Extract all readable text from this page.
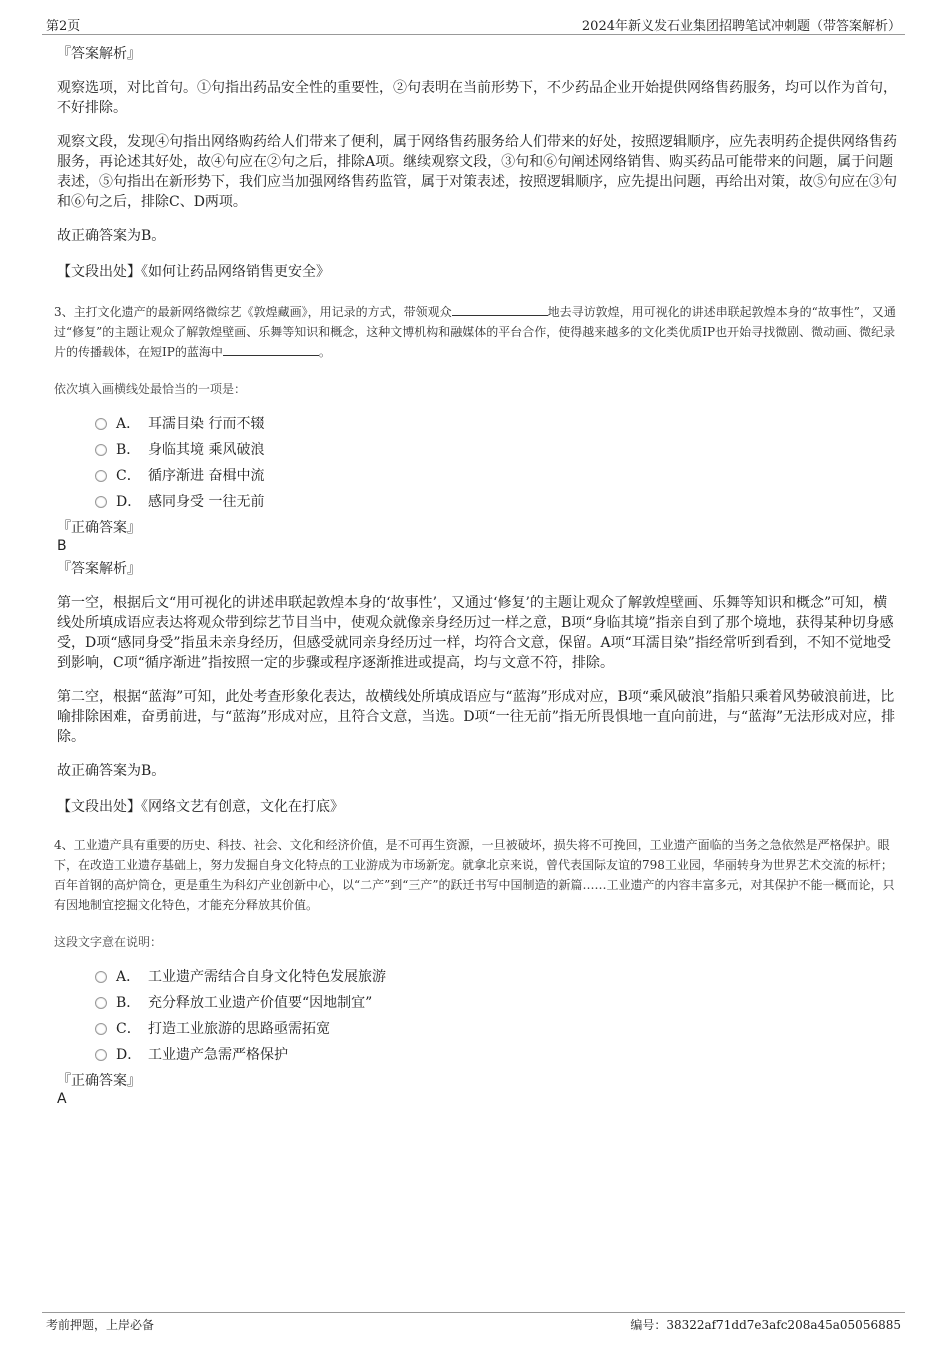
第2页	2024年新义发石业集团招聘笔试冲刺题（带答案解析）

『答案解析』

观察选项，对比首句。①句指出药品安全性的重要性，②句表明在当前形势下，不少药品企业开始提供网络售药服务，均可以作为首句，不好排除。

观察文段，发现④句指出网络购药给人们带来了便利，属于网络售药服务给人们带来的好处，按照逻辑顺序，应先表明药企提供网络售药服务，再论述其好处，故④句应在②句之后，排除A项。继续观察文段，③句和⑥句阐述网络销售、购买药品可能带来的问题，属于问题表述，⑤句指出在新形势下，我们应当加强网络售药监管，属于对策表述，按照逻辑顺序，应先提出问题，再给出对策，故⑤句应在③句和⑥句之后，排除C、D两项。

故正确答案为B。

【文段出处】《如何让药品网络销售更安全》

3、主打文化遗产的最新网络微综艺《敦煌藏画》，用记录的方式，带领观众	地去寻访敦煌，用可视化的讲述串联起敦煌本身的“故事性”，又通过“修复”的主题让观众了解敦煌壁画、乐舞等知识和概念，这种文博机构和融媒体的平台合作，使得越来越多的文化类优质IP也开始寻找微剧、微动画、微纪录片的传播载体，在短IP的蓝海中	。

依次填入画横线处最恰当的一项是：

A． 耳濡目染 行而不辍
B． 身临其境 乘风破浪
C． 循序渐进 奋楫中流
D． 感同身受 一往无前

『正确答案』

B

『答案解析』

第一空，根据后文“用可视化的讲述串联起敦煌本身的‘故事性’，又通过‘修复’的主题让观众了解敦煌壁画、乐舞等知识和概念”可知，横线处所填成语应表达将观众带到综艺节目当中，使观众就像亲身经历过一样之意，B项“身临其境”指亲自到了那个境地，获得某种切身感受，D项“感同身受”指虽未亲身经历，但感受就同亲身经历过一样，均符合文意，保留。A项“耳濡目染”指经常听到看到，不知不觉地受到影响，C项“循序渐进”指按照一定的步骤或程序逐渐推进或提高，均与文意不符，排除。

第二空，根据“蓝海”可知，此处考查形象化表达，故横线处所填成语应与“蓝海”形成对应，B项“乘风破浪”指船只乘着风势破浪前进，比喻排除困难，奋勇前进，与“蓝海”形成对应，且符合文意，当选。D项“一往无前”指无所畏惧地一直向前进，与“蓝海”无法形成对应，排除。

故正确答案为B。

【文段出处】《网络文艺有创意，文化在打底》

4、工业遗产具有重要的历史、科技、社会、文化和经济价值，是不可再生资源，一旦被破坏，损失将不可挽回，工业遗产面临的当务之急依然是严格保护。眼下，在改造工业遗存基础上，努力发掘自身文化特点的工业游成为市场新宠。就拿北京来说，曾代表国际友谊的798工业园，华丽转身为世界艺术交流的标杆；百年首钢的高炉筒仓，更是重生为科幻产业创新中心，以“二产”到“三产”的跃迁书写中国制造的新篇……工业遗产的内容丰富多元，对其保护不能一概而论，只有因地制宜挖掘文化特色，才能充分释放其价值。

这段文字意在说明：

A． 工业遗产需结合自身文化特色发展旅游
B． 充分释放工业遗产价值要“因地制宜”
C． 打造工业旅游的思路亟需拓宽
D． 工业遗产急需严格保护

『正确答案』

A

考前押题，上岸必备	编号：38322af71dd7e3afc208a45a05056885
